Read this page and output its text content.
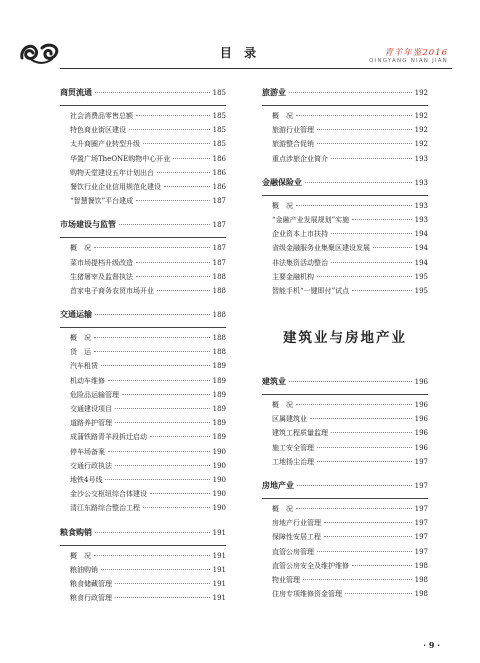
目 录	青羊年鉴2016
QINGYANG NIAN JIAN
商贸流通	185
社会消费品零售总额	185
特色商业街区建设	185
太升商圈产业转型升级	185
华置广场TheONE购物中心开业	186
购物天堂建设五年计划出台	186
餐饮行业企业信用规范化建设	186
“智慧餐饮”平台建成	187
市场建设与监管	187
概　况	187
菜市场提档升级改造	187
生猪屠宰及监督执法	188
首家电子商务农贸市场开业	188
交通运输	188
概　况	188
货　运	188
汽车租赁	189
机动车维修	189
危险品运输管理	189
交通建设项目	189
道路养护管理	189
成蒲铁路青羊段拆迁启动	189
停车场备案	190
交通行政执法	190
地铁4号线	190
金沙公交枢纽综合体建设	190
清江东路综合整治工程	190
粮食购销	191
概　况	191
粮油购销	191
粮食储藏管理	191
粮食行政管理	191
旅游业	192
概　况	192
旅游行业管理	192
旅游整合促销	192
重点涉旅企业简介	193
金融保险业	193
概　况	193
“金融产业发展规划”实施	193
企业资本上市扶持	194
省级金融服务业集聚区建设发展	194
非法集资活动整治	194
主要金融机构	195
智能手机“一键即付”试点	195
建筑业与房地产业
建筑业	196
概　况	196
区属建筑业	196
建筑工程质量监理	196
施工安全管理	196
工地扬尘治理	197
房地产业	197
概　况	197
房地产行业管理	197
保障性安居工程	197
直管公房管理	197
直管公房安全及维护维修	198
物业管理	198
住房专项维修资金管理	198
· 9 ·
